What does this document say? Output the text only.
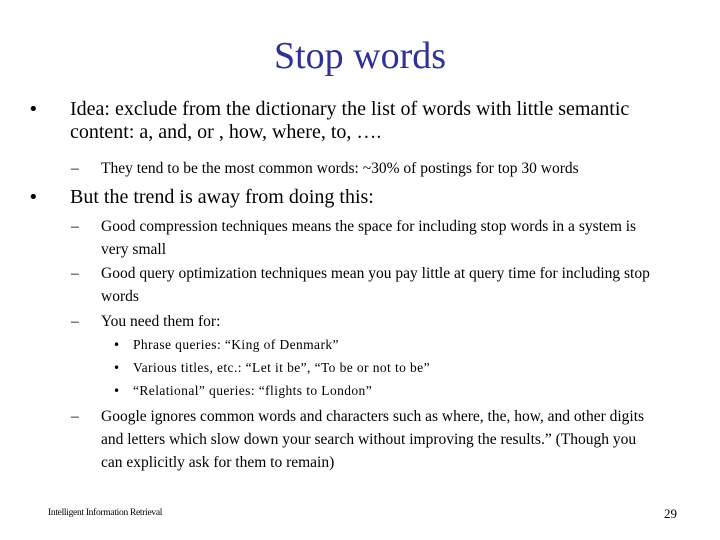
Stop words
• Idea: exclude from the dictionary the list of words with little semantic content: a, and, or , how, where, to, ….
– They tend to be the most common words: ~30% of postings for top 30 words
• But the trend is away from doing this:
– Good compression techniques means the space for including stop words in a system is very small
– Good query optimization techniques mean you pay little at query time for including stop words
– You need them for:
• Phrase queries: “King of Denmark”
• Various titles, etc.: “Let it be”, “To be or not to be”
• “Relational” queries: “flights to London”
– Google ignores common words and characters such as where, the, how, and other digits and letters which slow down your search without improving the results.” (Though you can explicitly ask for them to remain)
Intelligent Information Retrieval	29
